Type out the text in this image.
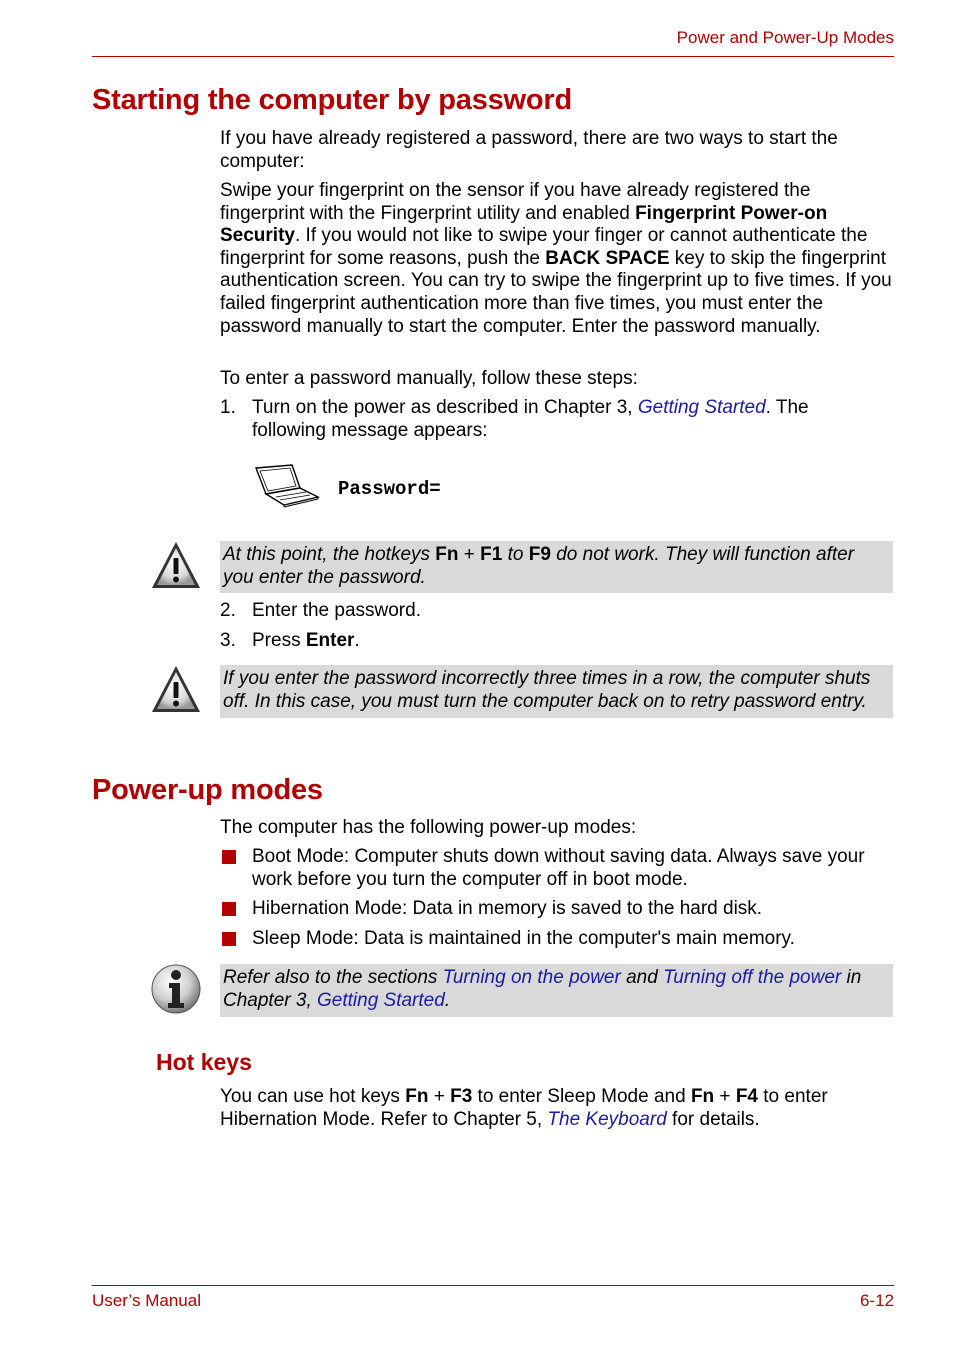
Power and Power-Up Modes
Starting the computer by password
If you have already registered a password, there are two ways to start the computer:
Swipe your fingerprint on the sensor if you have already registered the fingerprint with the Fingerprint utility and enabled Fingerprint Power-on Security. If you would not like to swipe your finger or cannot authenticate the fingerprint for some reasons, push the BACK SPACE key to skip the fingerprint authentication screen. You can try to swipe the fingerprint up to five times. If you failed fingerprint authentication more than five times, you must enter the password manually to start the computer. Enter the password manually.
To enter a password manually, follow these steps:
1. Turn on the power as described in Chapter 3, Getting Started. The following message appears:
Password=
At this point, the hotkeys Fn + F1 to F9 do not work. They will function after you enter the password.
2. Enter the password.
3. Press Enter.
If you enter the password incorrectly three times in a row, the computer shuts off. In this case, you must turn the computer back on to retry password entry.
Power-up modes
The computer has the following power-up modes:
Boot Mode: Computer shuts down without saving data. Always save your work before you turn the computer off in boot mode.
Hibernation Mode: Data in memory is saved to the hard disk.
Sleep Mode: Data is maintained in the computer's main memory.
Refer also to the sections Turning on the power and Turning off the power in Chapter 3, Getting Started.
Hot keys
You can use hot keys Fn + F3 to enter Sleep Mode and Fn + F4 to enter Hibernation Mode. Refer to Chapter 5, The Keyboard for details.
User’s Manual	6-12
